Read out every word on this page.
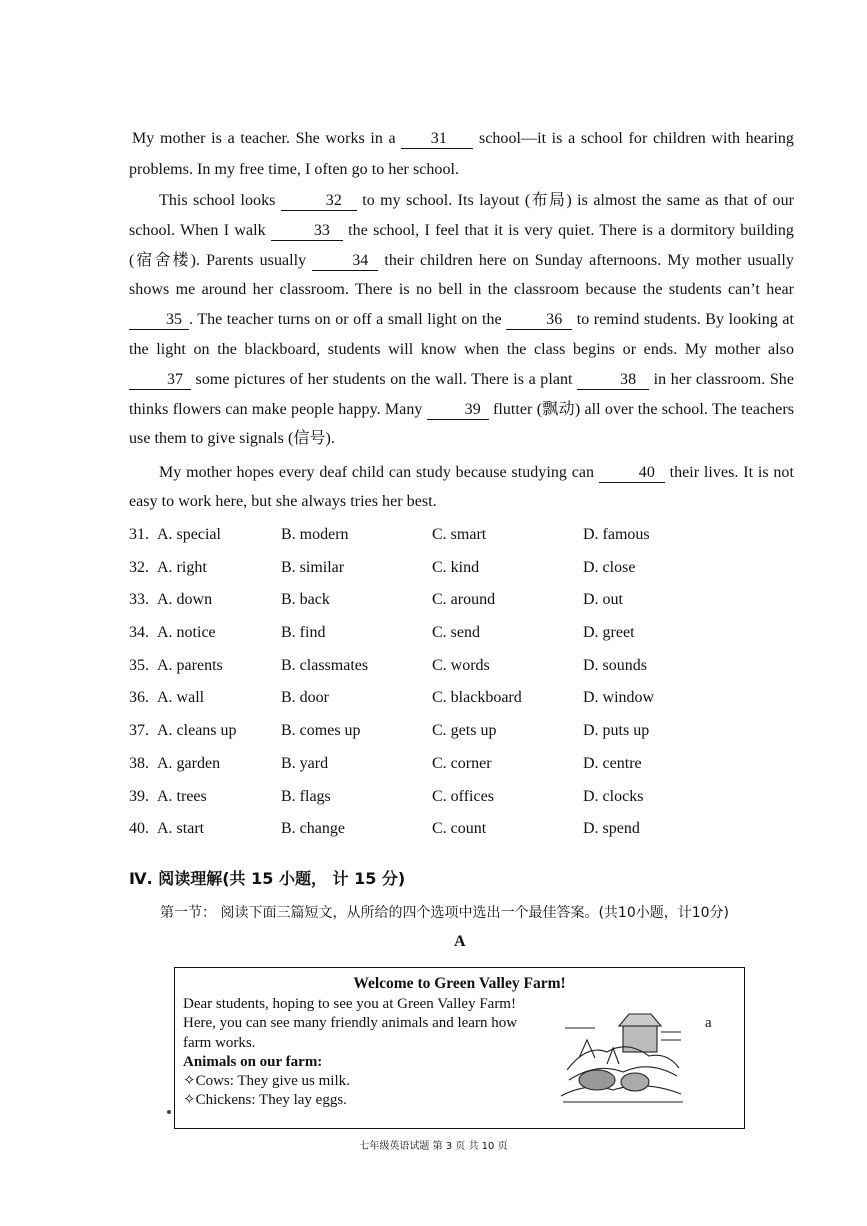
My mother is a teacher. She works in a 31 school—it is a school for children with hearing problems. In my free time, I often go to her school.
This school looks	32 to my school. Its layout (布局) is almost the same as that of our school. When I walk	33 the school, I feel that it is very quiet. There is a dormitory building (宿舍楼). Parents usually 34 their children here on Sunday afternoons. My mother usually shows me around her classroom. There is no bell in the classroom because the students can’t hear 35 . The teacher turns on or off a small light on the 36 to remind students. By looking at the light on the blackboard, students will know when the class begins or ends. My mother also 37 some pictures of her students on the wall. There is a plant	38 in her classroom. She thinks flowers can make people happy. Many 39 flutter (飘动) all over the school. The teachers use them to give signals (信号).
My mother hopes every deaf child can study because studying can 40 their lives. It is not easy to work here, but she always tries her best.
31. A. special	B. modern	C. smart	D. famous
32. A. right	B. similar	C. kind	D. close
33. A. down	B. back	C. around	D. out
34. A. notice	B. find	C. send	D. greet
35. A. parents	B. classmates	C. words	D. sounds
36. A. wall	B. door	C. blackboard	D. window
37. A. cleans up	B. comes up	C. gets up	D. puts up
38. A. garden	B. yard	C. corner	D. centre
39. A. trees	B. flags	C. offices	D. clocks
40. A. start	B. change	C. count	D. spend
Ⅳ. 阅读理解(共 15 小题， 计 15 分)
第一节： 阅读下面三篇短文，从所给的四个选项中选出一个最佳答案。(共10小题，计10分)
A
Welcome to Green Valley Farm!
Dear students, hoping to see you at Green Valley Farm!
Here, you can see many friendly animals and learn how
farm works.
Animals on our farm:
✧Cows: They give us milk.
✧Chickens: They lay eggs.
a
七年级英语试题 第 3 页 共 10 页
